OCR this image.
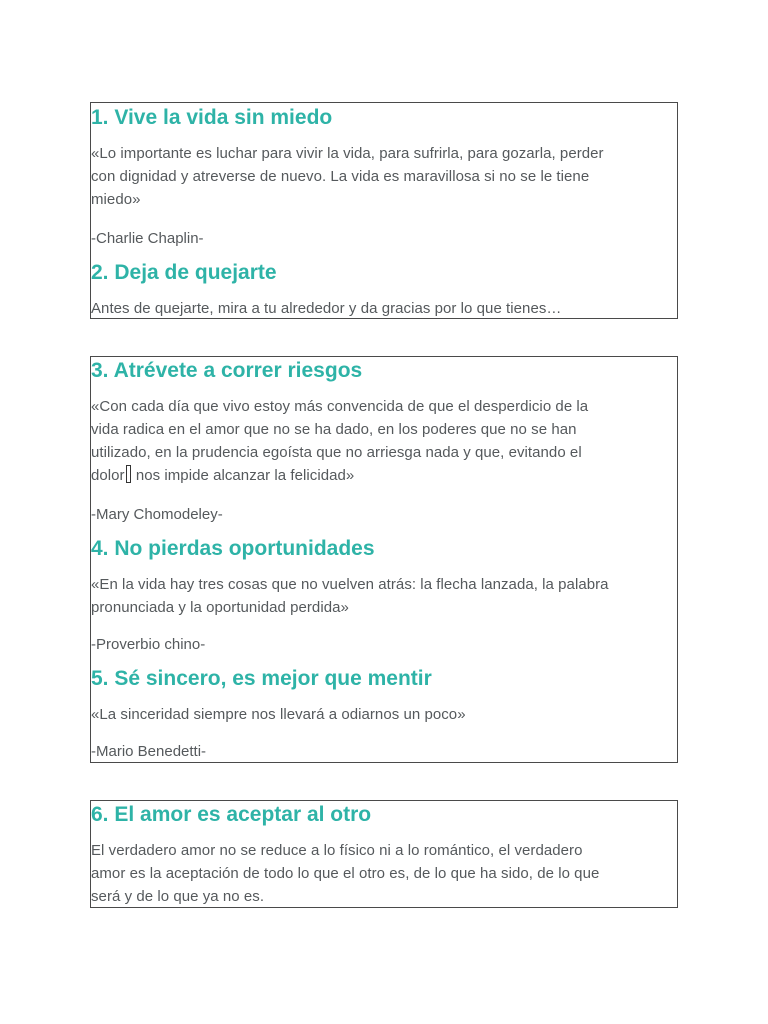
1. Vive la vida sin miedo

«Lo importante es luchar para vivir la vida, para sufrirla, para gozarla, perder
con dignidad y atreverse de nuevo. La vida es maravillosa si no se le tiene
miedo»

-Charlie Chaplin-

2. Deja de quejarte

Antes de quejarte, mira a tu alrededor y da gracias por lo que tienes…

3. Atrévete a correr riesgos

«Con cada día que vivo estoy más convencida de que el desperdicio de la
vida radica en el amor que no se ha dado, en los poderes que no se han
utilizado, en la prudencia egoísta que no arriesga nada y que, evitando el
dolor nos impide alcanzar la felicidad»

-Mary Chomodeley-

4. No pierdas oportunidades

«En la vida hay tres cosas que no vuelven atrás: la flecha lanzada, la palabra
pronunciada y la oportunidad perdida»

-Proverbio chino-

5. Sé sincero, es mejor que mentir

«La sinceridad siempre nos llevará a odiarnos un poco»

-Mario Benedetti-

6. El amor es aceptar al otro

El verdadero amor no se reduce a lo físico ni a lo romántico, el verdadero
amor es la aceptación de todo lo que el otro es, de lo que ha sido, de lo que
será y de lo que ya no es.
